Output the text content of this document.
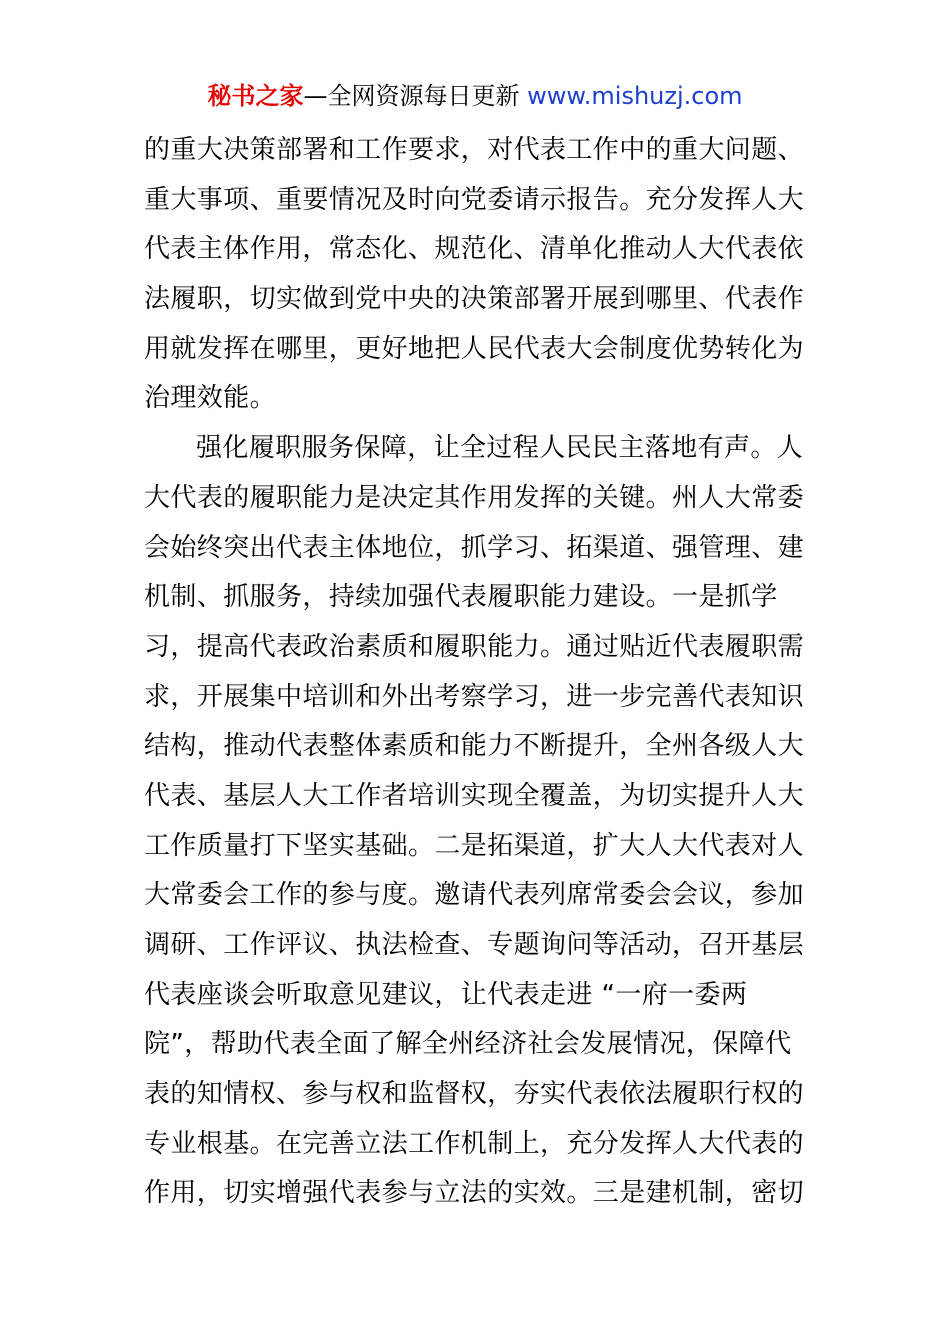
秘书之家—全网资源每日更新 www.mishuzj.com
的重大决策部署和工作要求，对代表工作中的重大问题、
重大事项、重要情况及时向党委请示报告。充分发挥人大
代表主体作用，常态化、规范化、清单化推动人大代表依
法履职，切实做到党中央的决策部署开展到哪里、代表作
用就发挥在哪里，更好地把人民代表大会制度优势转化为
治理效能。
强化履职服务保障，让全过程人民民主落地有声。人
大代表的履职能力是决定其作用发挥的关键。州人大常委
会始终突出代表主体地位，抓学习、拓渠道、强管理、建
机制、抓服务，持续加强代表履职能力建设。一是抓学
习，提高代表政治素质和履职能力。通过贴近代表履职需
求，开展集中培训和外出考察学习，进一步完善代表知识
结构，推动代表整体素质和能力不断提升，全州各级人大
代表、基层人大工作者培训实现全覆盖，为切实提升人大
工作质量打下坚实基础。二是拓渠道，扩大人大代表对人
大常委会工作的参与度。邀请代表列席常委会会议，参加
调研、工作评议、执法检查、专题询问等活动，召开基层
代表座谈会听取意见建议，让代表走进 “一府一委两
院”，帮助代表全面了解全州经济社会发展情况，保障代
表的知情权、参与权和监督权，夯实代表依法履职行权的
专业根基。在完善立法工作机制上，充分发挥人大代表的
作用，切实增强代表参与立法的实效。三是建机制，密切
